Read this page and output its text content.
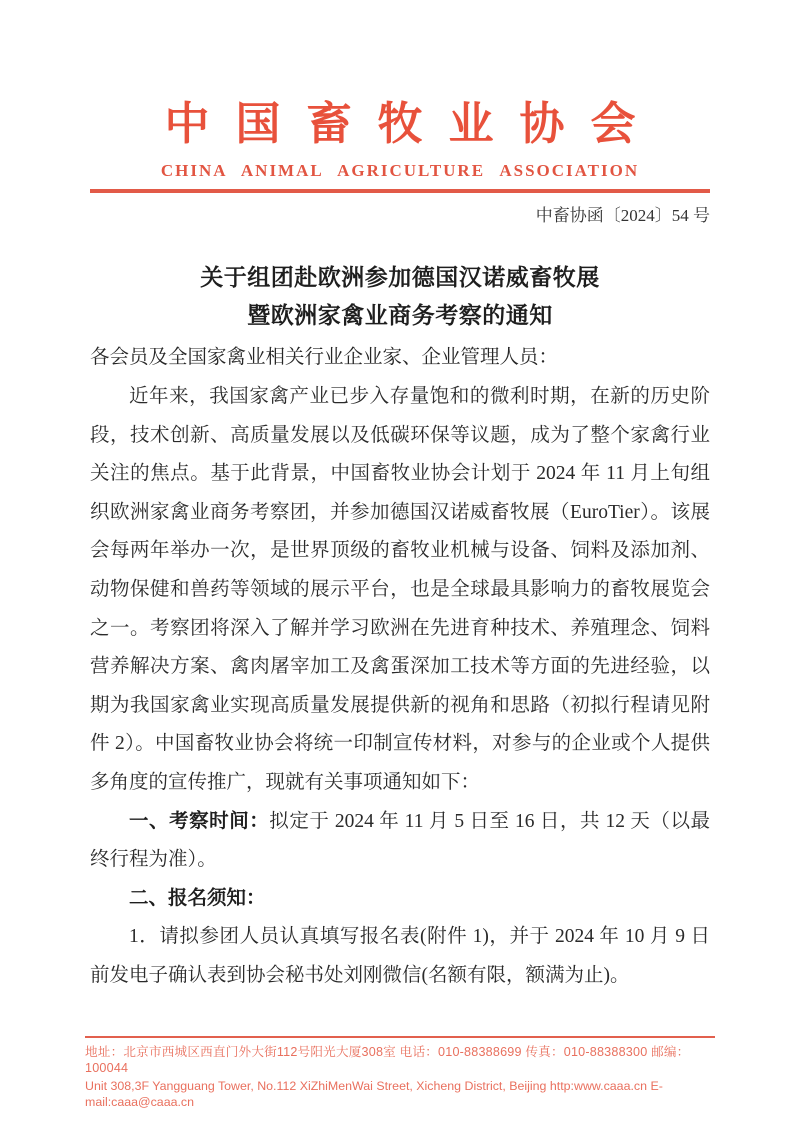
中国畜牧业协会
CHINA ANIMAL AGRICULTURE ASSOCIATION
中畜协函〔2024〕54 号
关于组团赴欧洲参加德国汉诺威畜牧展
暨欧洲家禽业商务考察的通知
各会员及全国家禽业相关行业企业家、企业管理人员：

近年来，我国家禽产业已步入存量饱和的微利时期，在新的历史阶段，技术创新、高质量发展以及低碳环保等议题，成为了整个家禽行业关注的焦点。基于此背景，中国畜牧业协会计划于 2024 年 11 月上旬组织欧洲家禽业商务考察团，并参加德国汉诺威畜牧展（EuroTier）。该展会每两年举办一次，是世界顶级的畜牧业机械与设备、饲料及添加剂、动物保健和兽药等领域的展示平台，也是全球最具影响力的畜牧展览会之一。考察团将深入了解并学习欧洲在先进育种技术、养殖理念、饲料营养解决方案、禽肉屠宰加工及禽蛋深加工技术等方面的先进经验，以期为我国家禽业实现高质量发展提供新的视角和思路（初拟行程请见附件 2）。中国畜牧业协会将统一印制宣传材料，对参与的企业或个人提供多角度的宣传推广，现就有关事项通知如下：

一、考察时间：拟定于 2024 年 11 月 5 日至 16 日，共 12 天（以最终行程为准）。

二、报名须知：

1．请拟参团人员认真填写报名表(附件 1)，并于 2024 年 10 月 9 日前发电子确认表到协会秘书处刘刚微信(名额有限，额满为止)。

地址：北京市西城区西直门外大街112号阳光大厦308室 电话：010-88388699 传真：010-88388300 邮编：100044
Unit 308,3F Yangguang Tower, No.112 XiZhiMenWai Street, Xicheng District, Beijing http:www.caaa.cn E-mail:caaa@caaa.cn
